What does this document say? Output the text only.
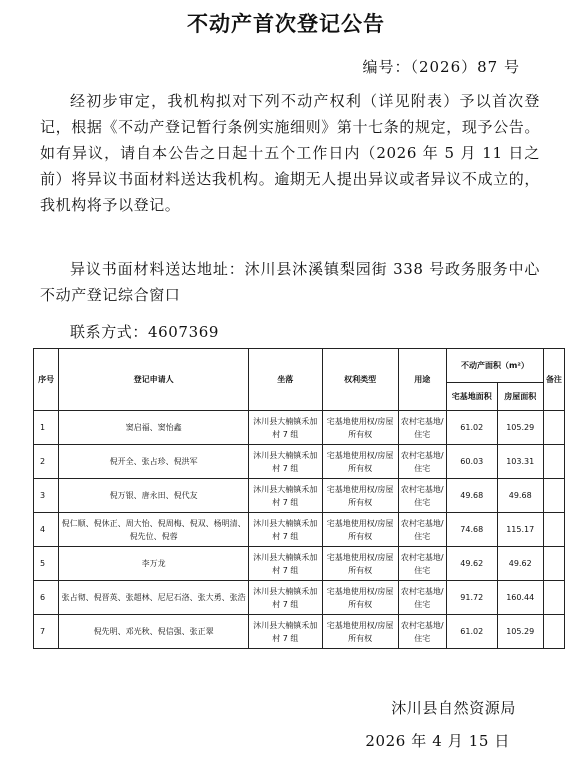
不动产首次登记公告
编号：（2026）87 号

经初步审定，我机构拟对下列不动产权利（详见附表）予以首次登记，根据《不动产登记暂行条例实施细则》第十七条的规定，现予公告。如有异议，请自本公告之日起十五个工作日内（2026 年 5 月 11 日之前）将异议书面材料送达我机构。逾期无人提出异议或者异议不成立的，我机构将予以登记。

异议书面材料送达地址：沐川县沐溪镇梨园街 338 号政务服务中心不动产登记综合窗口

联系方式：4607369
序号	登记申请人	坐落	权利类型	用途	不动产面积（m²）		备注
					宅基地面积	房屋面积	
1	窦启福、窦怡鑫	沐川县大楠镇禾加村 7 组	宅基地使用权/房屋所有权	农村宅基地/住宅	61.02	105.29	
2	倪开全、张占珍、倪洪军	沐川县大楠镇禾加村 7 组	宅基地使用权/房屋所有权	农村宅基地/住宅	60.03	103.31	
3	倪万银、唐永田、倪代友	沐川县大楠镇禾加村 7 组	宅基地使用权/房屋所有权	农村宅基地/住宅	49.68	49.68	
4	倪仁顺、倪休正、周大怡、倪周梅、倪双、杨明清、倪先位、倪蓉	沐川县大楠镇禾加村 7 组	宅基地使用权/房屋所有权	农村宅基地/住宅	74.68	115.17	
5	李万龙	沐川县大楠镇禾加村 7 组	宅基地使用权/房屋所有权	农村宅基地/住宅	49.62	49.62	
6	张占彻、倪晋英、张超林、尼尼石洛、张大勇、张浩	沐川县大楠镇禾加村 7 组	宅基地使用权/房屋所有权	农村宅基地/住宅	91.72	160.44	
7	倪先明、邓光秋、倪信强、张正翠	沐川县大楠镇禾加村 7 组	宅基地使用权/房屋所有权	农村宅基地/住宅	61.02	105.29	
沐川县自然资源局
2026 年 4 月 15 日
